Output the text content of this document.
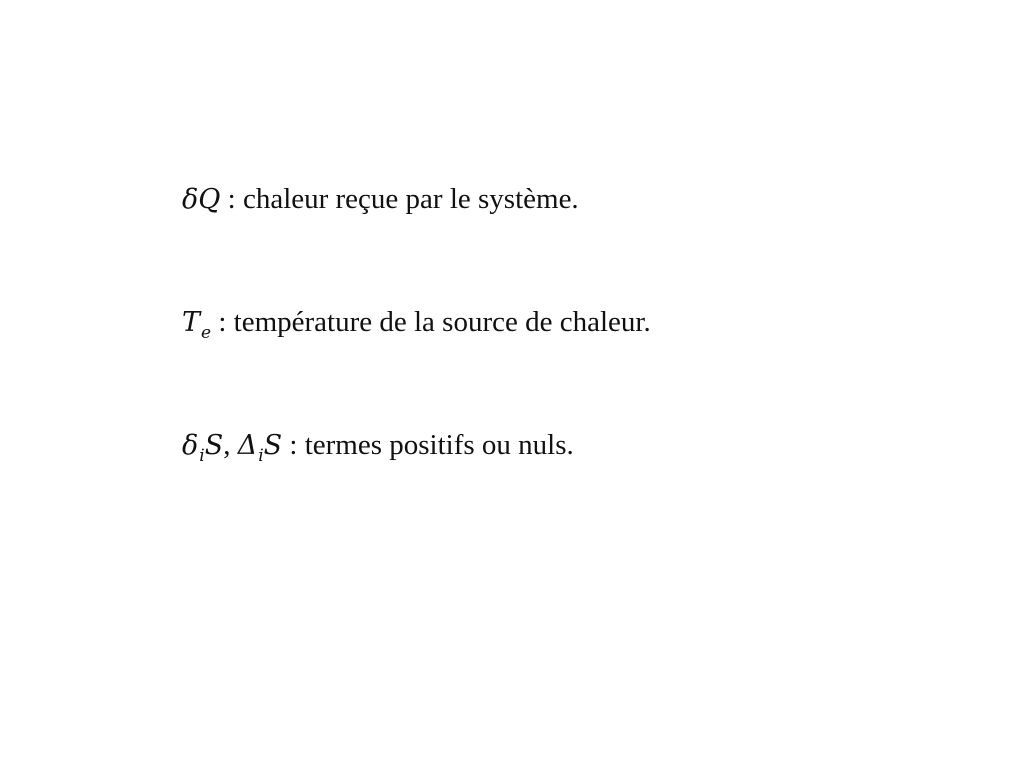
δQ : chaleur reçue par le système.
$T_e$ : température de la source de chaleur.
$\delta_iS$, $\Delta_iS$ : termes positifs ou nuls.
